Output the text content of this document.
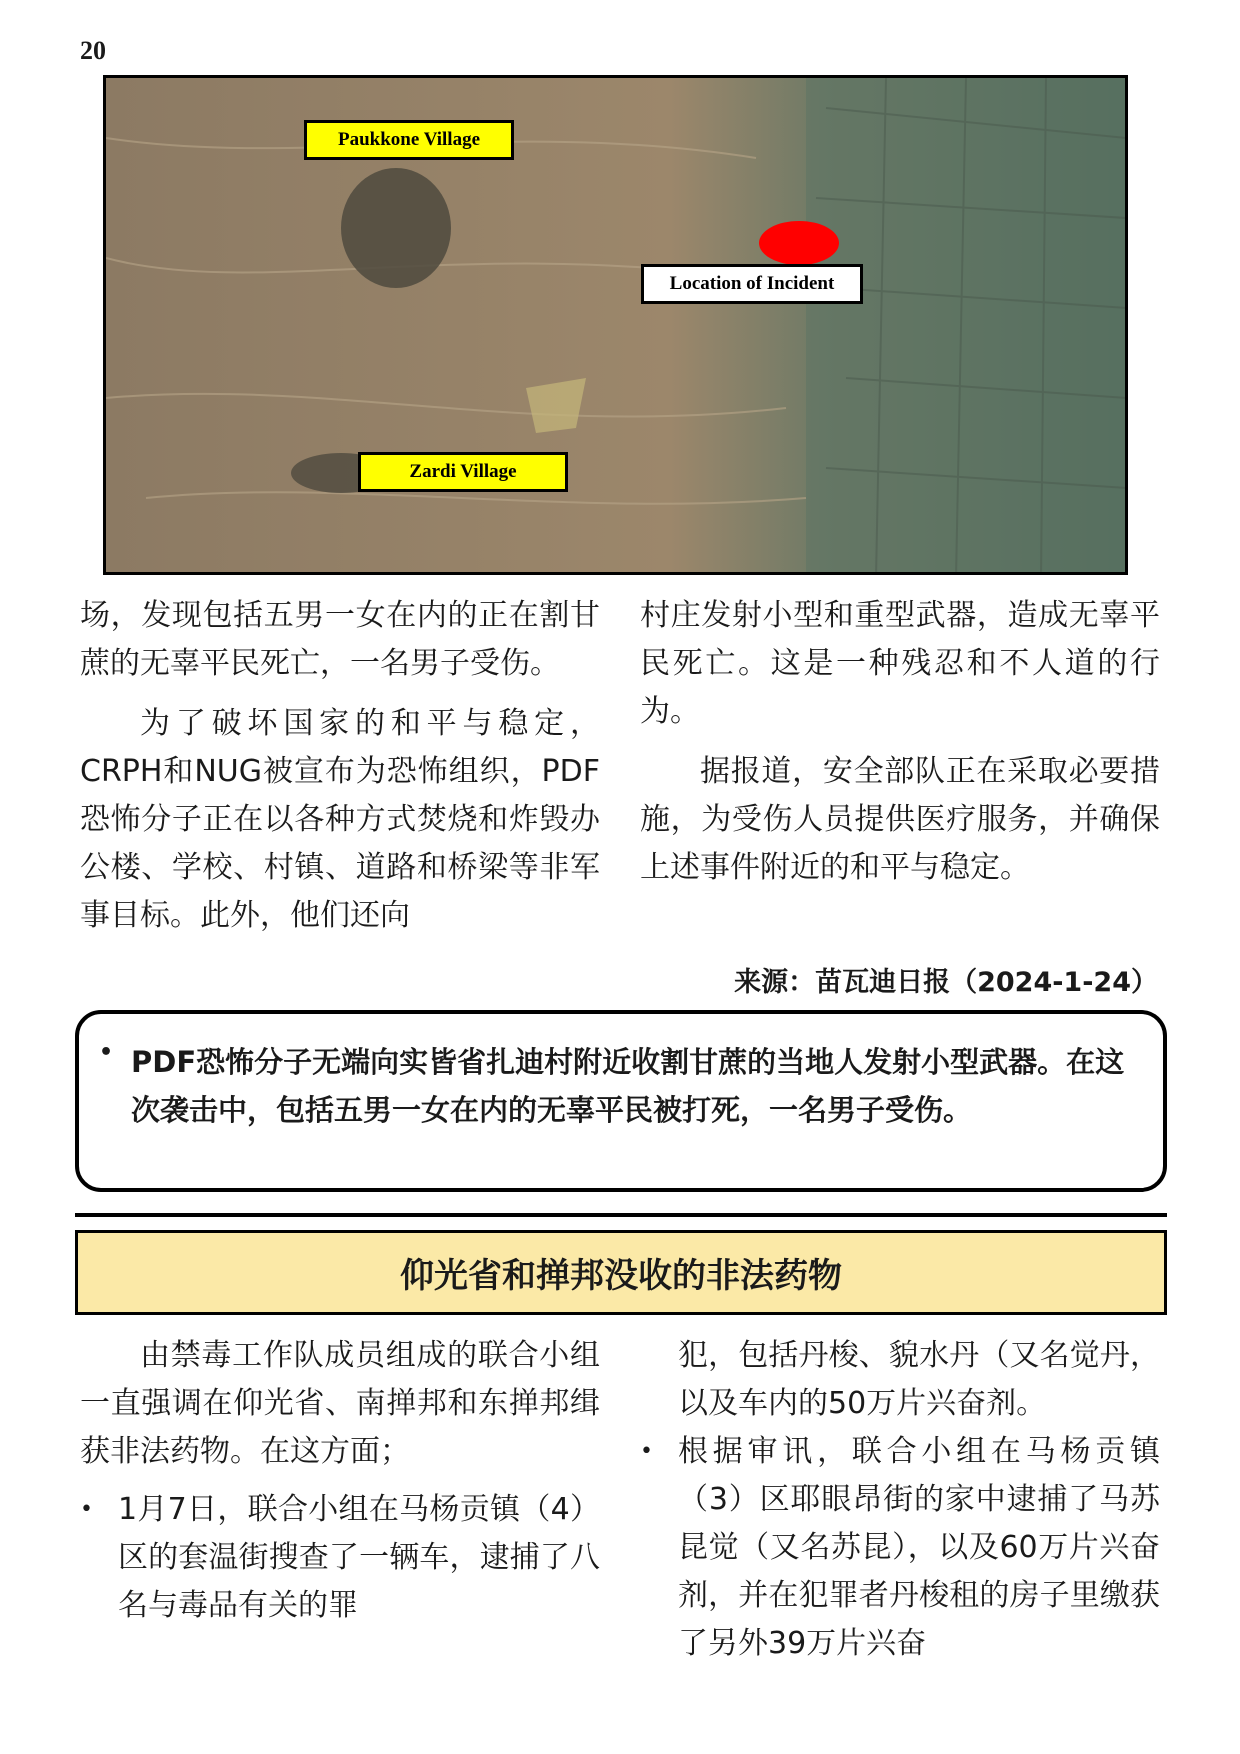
20
Paukkone Village
Location of Incident
Zardi Village

场，发现包括五男一女在内的正在割甘蔗的无辜平民死亡，一名男子受伤。

为了破坏国家的和平与稳定，CRPH和NUG被宣布为恐怖组织，PDF恐怖分子正在以各种方式焚烧和炸毁办公楼、学校、村镇、道路和桥梁等非军事目标。此外，他们还向

村庄发射小型和重型武器，造成无辜平民死亡。这是一种残忍和不人道的行为。

据报道，安全部队正在采取必要措施，为受伤人员提供医疗服务，并确保上述事件附近的和平与稳定。

来源：苗瓦迪日报（2024-1-24）
• PDF恐怖分子无端向实皆省扎迪村附近收割甘蔗的当地人发射小型武器。在这次袭击中，包括五男一女在内的无辜平民被打死，一名男子受伤。
仰光省和掸邦没收的非法药物

由禁毒工作队成员组成的联合小组一直强调在仰光省、南掸邦和东掸邦缉获非法药物。在这方面；

• 1月7日，联合小组在马杨贡镇（4）区的套温街搜查了一辆车，逮捕了八名与毒品有关的罪

犯，包括丹梭、貌水丹（又名觉丹，以及车内的50万片兴奋剂。

• 根据审讯，联合小组在马杨贡镇（3）区耶眼昂街的家中逮捕了马苏昆觉（又名苏昆），以及60万片兴奋剂，并在犯罪者丹梭租的房子里缴获了另外39万片兴奋
